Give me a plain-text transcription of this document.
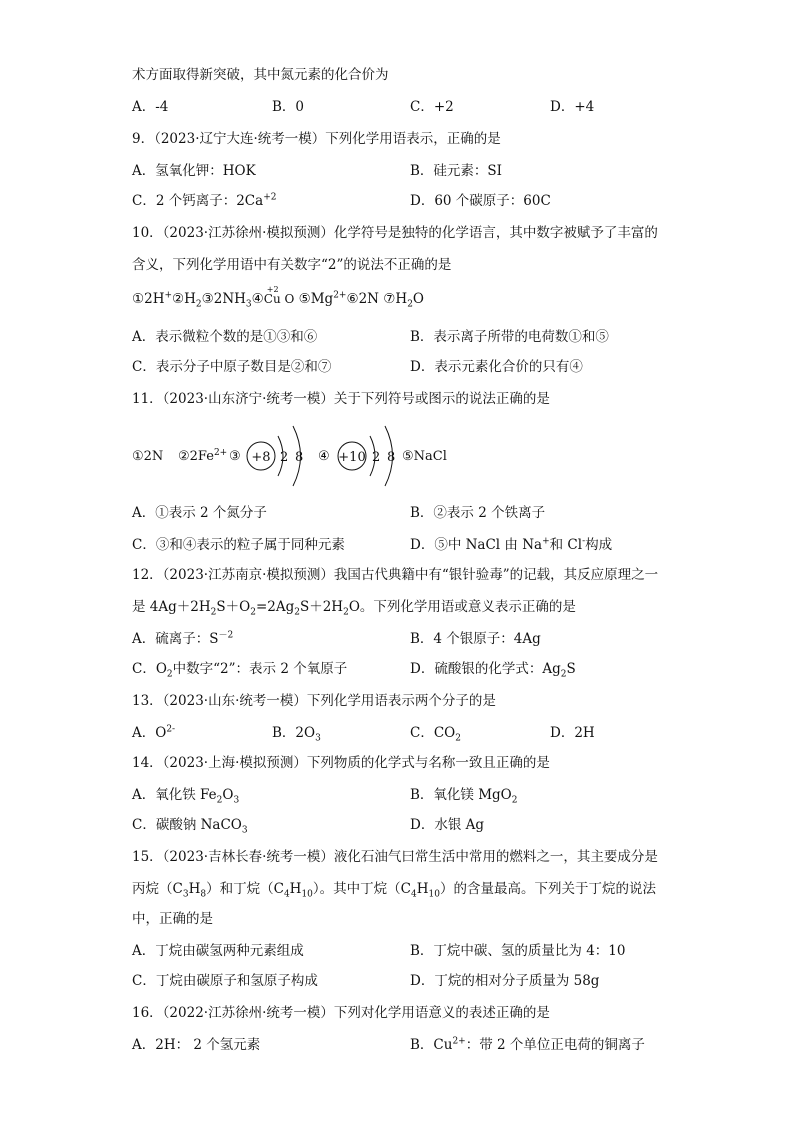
术方面取得新突破，其中氮元素的化合价为
A．-4	B．0	C．+2	D．+4
9．（2023·辽宁大连·统考一模）下列化学用语表示，正确的是
A．氢氧化钾：HOK	B．硅元素：SI
C．2 个钙离子：$2Ca^{+2}$	D．60 个碳原子：60C
10．（2023·江苏徐州·模拟预测）化学符号是独特的化学语言，其中数字被赋予了丰富的
含义，下列化学用语中有关数字“2”的说法不正确的是
$①2H^+②H_2③2NH_3④$
+2
Cu O $⑤Mg^{2+}⑥2N$ $⑦H_2O$
A．表示微粒个数的是①③和⑥	B．表示离子所带的电荷数①和⑤
C．表示分子中原子数目是②和⑦	D．表示元素化合价的只有④
11．（2023·山东济宁·统考一模）关于下列符号或图示的说法正确的是
①2N $②2Fe^{2+}$ ③ +8 2 8 ④ +10 2 8 ⑤NaCl
A．①表示 2 个氮分子	B．②表示 2 个铁离子
C．③和④表示的粒子属于同种元素	D．⑤中 NaCl 由 Na+和 Cl-构成
12．（2023·江苏南京·模拟预测）我国古代典籍中有“银针验毒”的记载，其反应原理之一
是 $4Ag+2H_2S+O_2=2Ag_2S+2H_2O$。下列化学用语或意义表示正确的是
A．硫离子：$S^{-2}$	B．4 个银原子：4Ag
C．$O_2$中数字“2”：表示 2 个氧原子	D．硫酸银的化学式：$Ag_2S$
13．（2023·山东·统考一模）下列化学用语表示两个分子的是
A．$O^{2-}$	B．$2O_3$	C．$CO_2$	D．2H
14．（2023·上海·模拟预测）下列物质的化学式与名称一致且正确的是
A．氧化铁 $Fe_2O_3$	B．氧化镁 MgO$_2$
C．碳酸钠 NaCO$_3$	D．水银 Ag
15．（2023·吉林长春·统考一模）液化石油气曰常生活中常用的燃料之一，其主要成分是
丙烷$(C_3H_8)$和丁烷$(C_4H_{10})$。其中丁烷$(C_4H_{10})$的含量最高。下列关于丁烷的说法
中，正确的是
A．丁烷由碳氢两种元素组成	B．丁烷中碳、氢的质量比为 4：10
C．丁烷由碳原子和氢原子构成	D．丁烷的相对分子质量为 58g
16．（2022·江苏徐州·统考一模）下列对化学用语意义的表述正确的是
A．2H： 2 个氢元素	B．$Cu^{2+}$：带 2 个单位正电荷的铜离子
